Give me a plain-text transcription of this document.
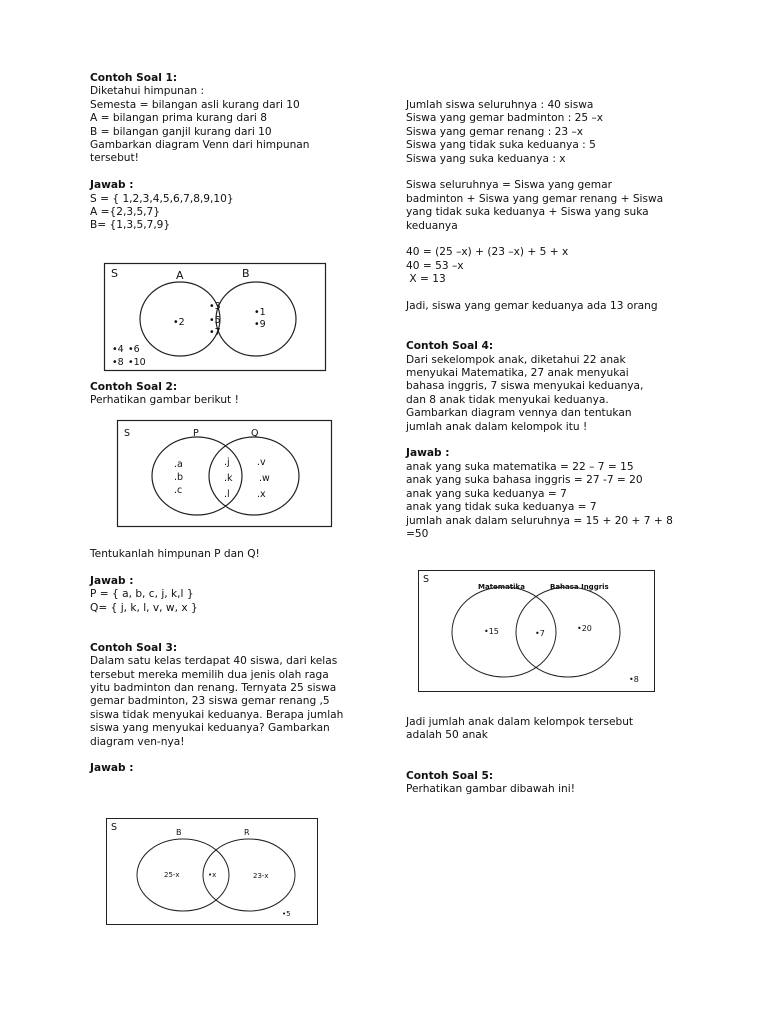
Contoh Soal 1:

Diketahui himpunan :

Semesta = bilangan asli kurang dari 10

A = bilangan prima kurang dari 8

B = bilangan ganjil kurang dari 10

Gambarkan diagram Venn dari himpunan

tersebut!

Jawab :

S = { 1,2,3,4,5,6,7,8,9,10}

A ={2,3,5,7}

B= {1,3,5,7,9}

S	A	B
•2
•3
•5
•7
•1
•9
•4 •6
•8 •10

Contoh Soal 2:

Perhatikan gambar berikut !

S	P	Q
.a
.b
.c
.j
.k
.l
.v
.w
.x

Tentukanlah himpunan P dan Q!

Jawab :

P = { a, b, c, j, k,l }

Q= { j, k, l, v, w, x }

Contoh Soal 3:

Dalam satu kelas terdapat 40 siswa, dari kelas

tersebut mereka memilih dua jenis olah raga

yitu badminton dan renang. Ternyata 25 siswa

gemar badminton, 23 siswa gemar renang ,5

siswa tidak menyukai keduanya. Berapa jumlah

siswa yang menyukai keduanya? Gambarkan

diagram ven-nya!

Jawab :

S	B	R
25-x	•x	23-x
•5

Jumlah siswa seluruhnya : 40 siswa

Siswa yang gemar badminton : 25 –x

Siswa yang gemar renang : 23 –x

Siswa yang tidak suka keduanya : 5

Siswa yang suka keduanya : x

Siswa seluruhnya = Siswa yang gemar

badminton + Siswa yang gemar renang + Siswa

yang tidak suka keduanya + Siswa yang suka

keduanya

40 = (25 –x) + (23 –x) + 5 + x

40 = 53 –x

X = 13

Jadi, siswa yang gemar keduanya ada 13 orang

Contoh Soal 4:

Dari sekelompok anak, diketahui 22 anak

menyukai Matematika, 27 anak menyukai

bahasa inggris, 7 siswa menyukai keduanya,

dan 8 anak tidak menyukai keduanya.

Gambarkan diagram vennya dan tentukan

jumlah anak dalam kelompok itu !

Jawab :

anak yang suka matematika = 22 – 7 = 15

anak yang suka bahasa inggris = 27 -7 = 20

anak yang suka keduanya = 7

anak yang tidak suka keduanya = 7

jumlah anak dalam seluruhnya = 15 + 20 + 7 + 8

=50

S
Matematika	Bahasa Inggris
•15	•7
•20
•8

Jadi jumlah anak dalam kelompok tersebut

adalah 50 anak

Contoh Soal 5:

Perhatikan gambar dibawah ini!
